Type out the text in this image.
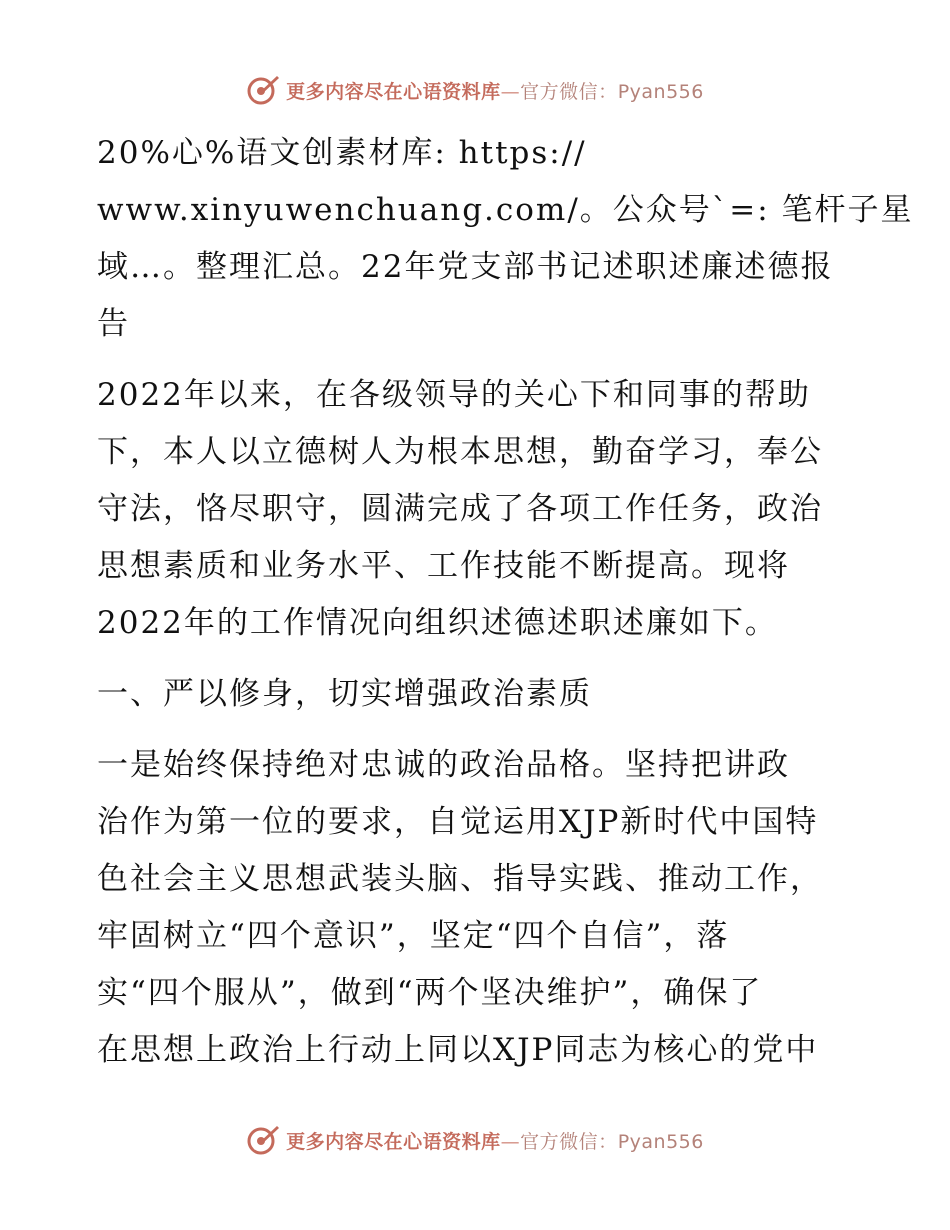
更多内容尽在心语资料库—官方微信：Pyan556

20%心%语文创素材库: https://
www.xinyuwenchuang.com/。公众号`=: 笔杆子星
域…。整理汇总。22年党支部书记述职述廉述德报
告

2022年以来，在各级领导的关心下和同事的帮助
下，本人以立德树人为根本思想，勤奋学习，奉公
守法，恪尽职守，圆满完成了各项工作任务，政治
思想素质和业务水平、工作技能不断提高。现将
2022年的工作情况向组织述德述职述廉如下。

一、严以修身，切实增强政治素质

一是始终保持绝对忠诚的政治品格。坚持把讲政
治作为第一位的要求，自觉运用XJP新时代中国特
色社会主义思想武装头脑、指导实践、推动工作，
牢固树立“四个意识”，坚定“四个自信”，落
实“四个服从”，做到“两个坚决维护”，确保了
在思想上政治上行动上同以XJP同志为核心的党中

更多内容尽在心语资料库—官方微信：Pyan556
